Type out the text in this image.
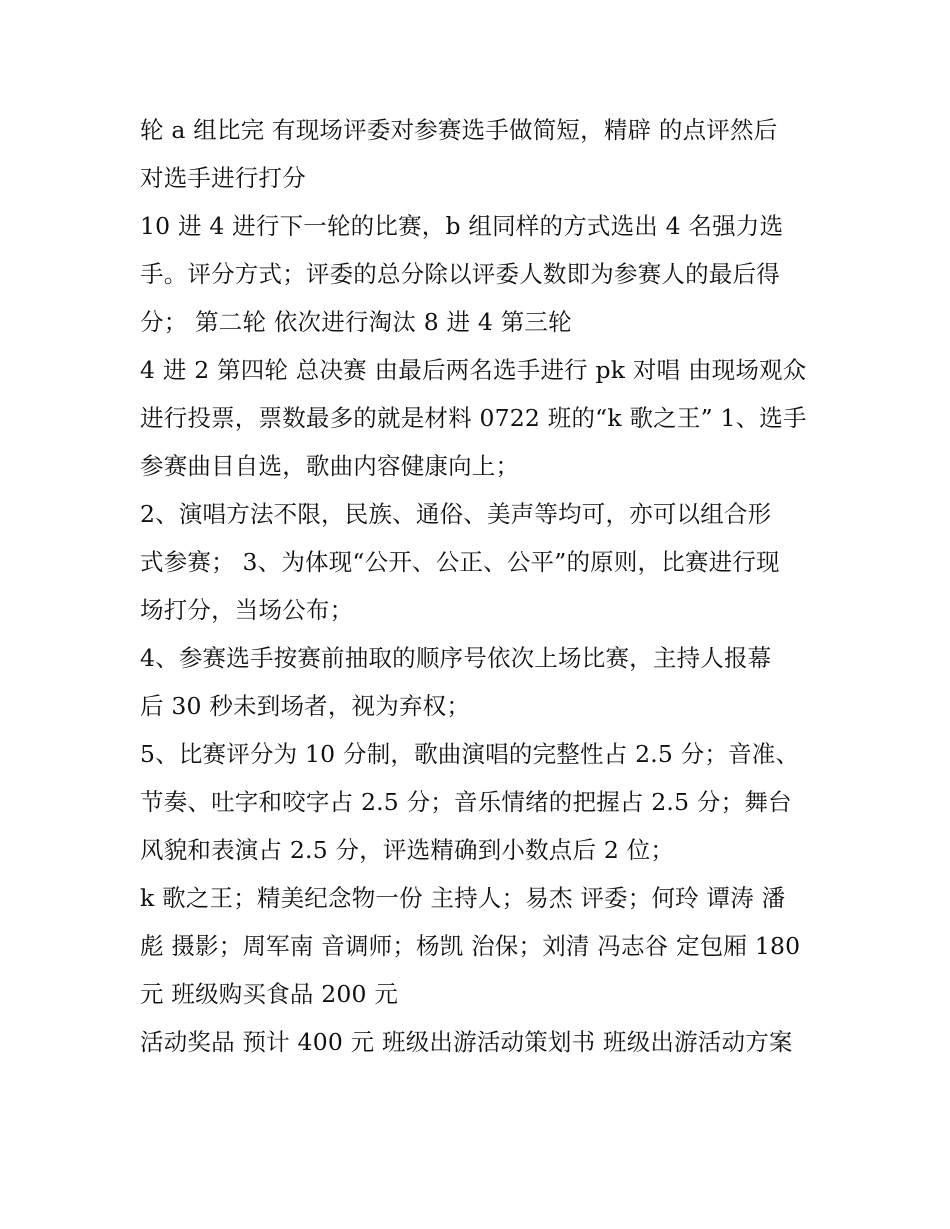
轮 a 组比完 有现场评委对参赛选手做简短，精辟 的点评然后
对选手进行打分
10 进 4 进行下一轮的比赛，b 组同样的方式选出 4 名强力选
手。评分方式；评委的总分除以评委人数即为参赛人的最后得
分； 第二轮 依次进行淘汰 8 进 4 第三轮
4 进 2 第四轮 总决赛 由最后两名选手进行 pk 对唱 由现场观众
进行投票，票数最多的就是材料 0722 班的“k 歌之王” 1、选手
参赛曲目自选，歌曲内容健康向上；
2、演唱方法不限，民族、通俗、美声等均可，亦可以组合形
式参赛； 3、为体现“公开、公正、公平”的原则，比赛进行现
场打分，当场公布；
4、参赛选手按赛前抽取的顺序号依次上场比赛，主持人报幕
后 30 秒未到场者，视为弃权；
5、比赛评分为 10 分制，歌曲演唱的完整性占 2.5 分；音准、
节奏、吐字和咬字占 2.5 分；音乐情绪的把握占 2.5 分；舞台
风貌和表演占 2.5 分，评选精确到小数点后 2 位；
k 歌之王；精美纪念物一份 主持人；易杰 评委；何玲 谭涛 潘
彪 摄影；周军南 音调师；杨凯 治保；刘清 冯志谷 定包厢 180
元 班级购买食品 200 元
活动奖品 预计 400 元 班级出游活动策划书 班级出游活动方案
